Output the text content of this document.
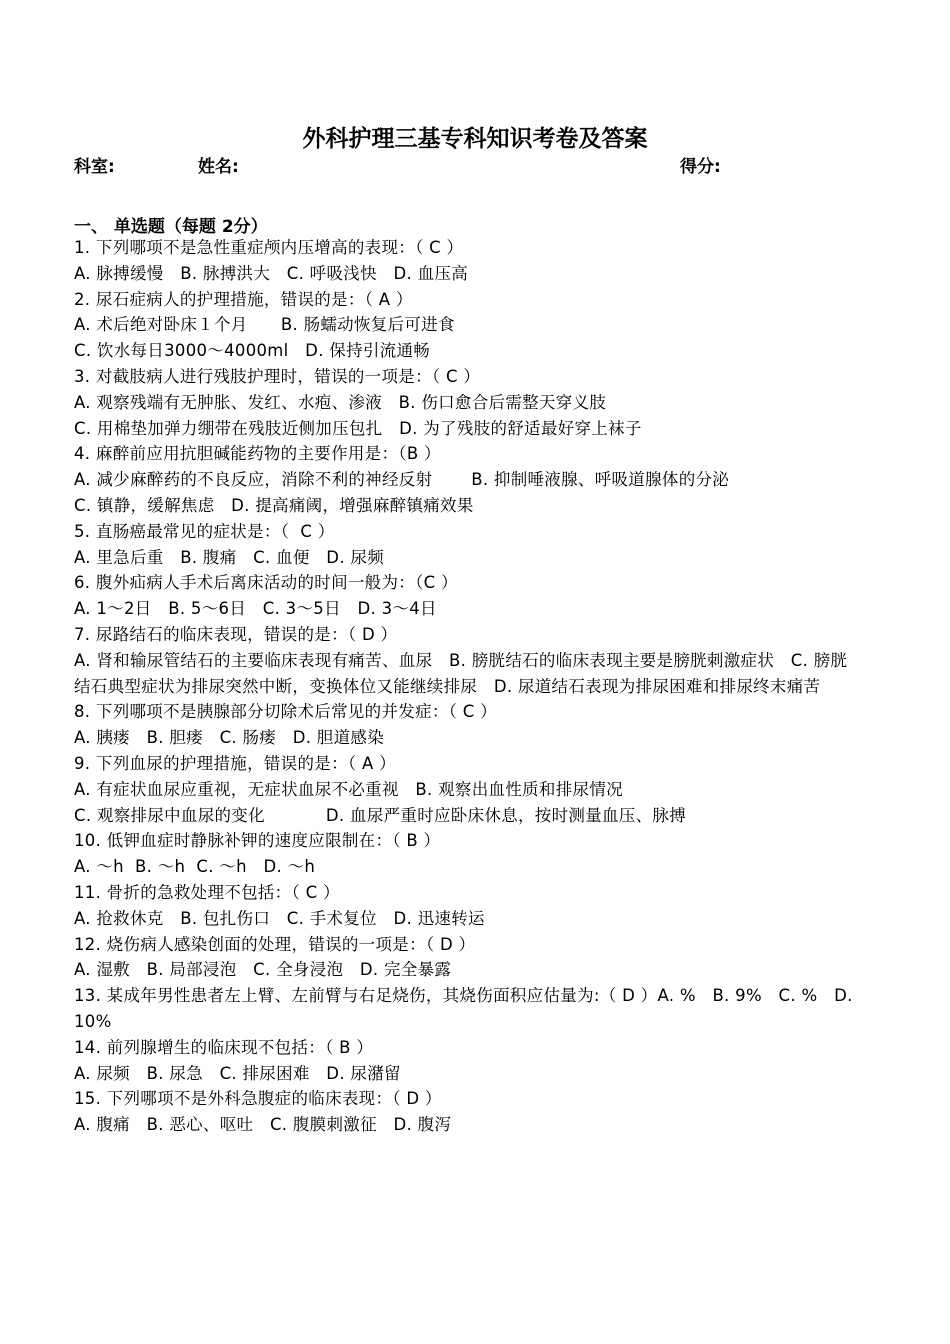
外科护理三基专科知识考卷及答案
科室:	姓名:	得分:
一、 单选题（每题 2分）
1. 下列哪项不是急性重症颅内压增高的表现：（ C ）
A. 脉搏缓慢   B. 脉搏洪大   C. 呼吸浅快   D. 血压高
2. 尿石症病人的护理措施，错误的是：（ A ）
A. 术后绝对卧床１个月      B. 肠蠕动恢复后可进食
C. 饮水每日3000～4000ml   D. 保持引流通畅
3. 对截肢病人进行残肢护理时，错误的一项是：（ C ）
A. 观察残端有无肿胀、发红、水疱、渗液   B. 伤口愈合后需整天穿义肢
C. 用棉垫加弹力绷带在残肢近侧加压包扎   D. 为了残肢的舒适最好穿上袜子
4. 麻醉前应用抗胆碱能药物的主要作用是：（B ）
A. 减少麻醉药的不良反应，消除不利的神经反射       B. 抑制唾液腺、呼吸道腺体的分泌
C. 镇静，缓解焦虑   D. 提高痛阈，增强麻醉镇痛效果
5. 直肠癌最常见的症状是：（  C ）
A. 里急后重   B. 腹痛   C. 血便   D. 尿频
6. 腹外疝病人手术后离床活动的时间一般为：（C ）
A. 1～2日   B. 5～6日   C. 3～5日   D. 3～4日
7. 尿路结石的临床表现，错误的是：（ D ）
A. 肾和输尿管结石的主要临床表现有痛苦、血尿   B. 膀胱结石的临床表现主要是膀胱刺激症状   C. 膀胱结石典型症状为排尿突然中断，变换体位又能继续排尿   D. 尿道结石表现为排尿困难和排尿终末痛苦
8. 下列哪项不是胰腺部分切除术后常见的并发症：（ C ）
A. 胰瘘   B. 胆瘘   C. 肠瘘   D. 胆道感染
9. 下列血尿的护理措施，错误的是：（ A ）
A. 有症状血尿应重视，无症状血尿不必重视   B. 观察出血性质和排尿情况
C. 观察排尿中血尿的变化           D. 血尿严重时应卧床休息，按时测量血压、脉搏
10. 低钾血症时静脉补钾的速度应限制在：（ B ）
A. ～h  B. ～h  C. ～h   D. ～h
11. 骨折的急救处理不包括：（ C ）
A. 抢救休克   B. 包扎伤口   C. 手术复位   D. 迅速转运
12. 烧伤病人感染创面的处理，错误的一项是：（ D ）
A. 湿敷   B. 局部浸泡   C. 全身浸泡   D. 完全暴露
13. 某成年男性患者左上臂、左前臂与右足烧伤，其烧伤面积应估量为:（ D ）A. %   B. 9%   C. %   D. 10%
14. 前列腺增生的临床现不包括：（ B ）
A. 尿频   B. 尿急   C. 排尿困难   D. 尿潴留
15. 下列哪项不是外科急腹症的临床表现：（ D ）
A. 腹痛   B. 恶心、呕吐   C. 腹膜刺激征   D. 腹泻
